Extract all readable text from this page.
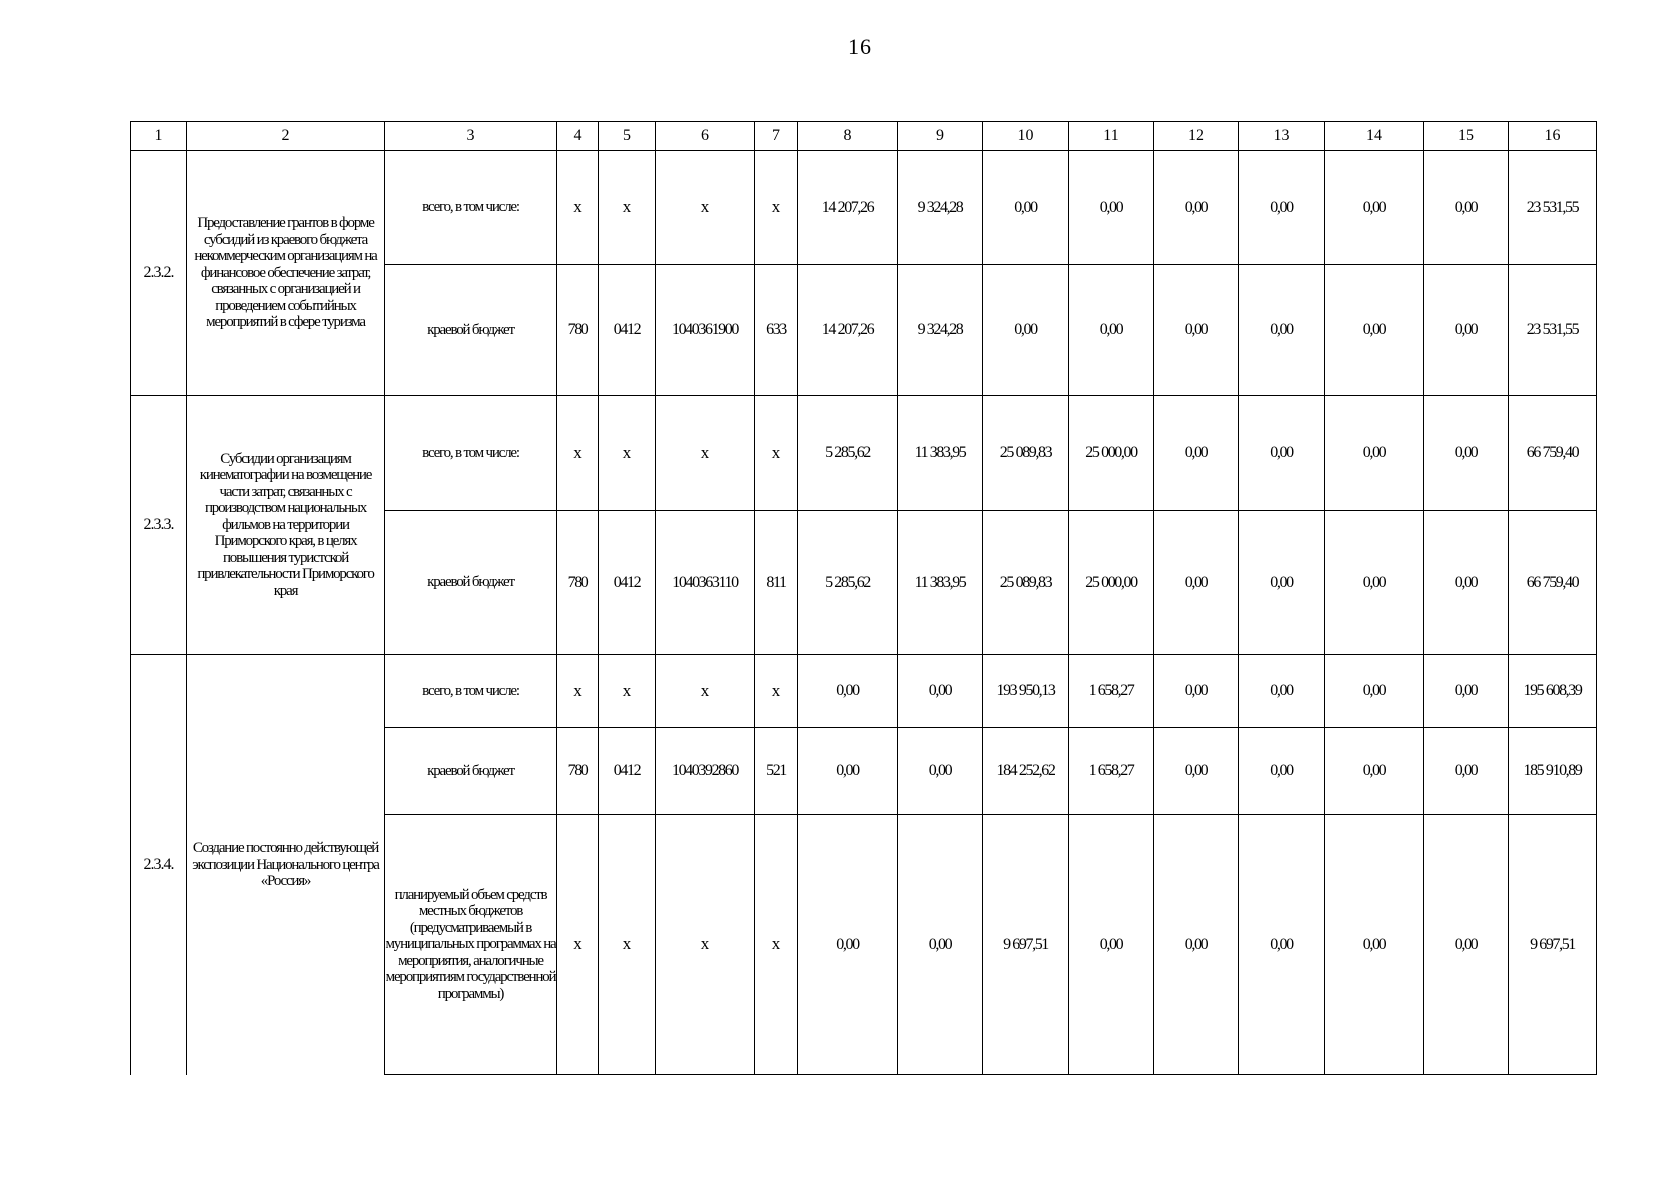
16
1	2	3	4	5	6	7	8	9	10	11	12	13	14	15	16
2.3.2.	Предоставление грантов в форме субсидий из краевого бюджета некоммерческим организациям на финансовое обеспечение затрат, связанных с организацией и проведением событийных мероприятий в сфере туризма	всего, в том числе:	х	х	х	х	14 207,26	9 324,28	0,00	0,00	0,00	0,00	0,00	0,00	23 531,55
		краевой бюджет	780	0412	1040361900	633	14 207,26	9 324,28	0,00	0,00	0,00	0,00	0,00	0,00	23 531,55
2.3.3.	Субсидии организациям кинематографии на возмещение части затрат, связанных с производством национальных фильмов на территории Приморского края, в целях повышения туристской привлекательности Приморского края	всего, в том числе:	х	х	х	х	5 285,62	11 383,95	25 089,83	25 000,00	0,00	0,00	0,00	0,00	66 759,40
		краевой бюджет	780	0412	1040363110	811	5 285,62	11 383,95	25 089,83	25 000,00	0,00	0,00	0,00	0,00	66 759,40
2.3.4.	Создание постоянно действующей экспозиции Национального центра «Россия»	всего, в том числе:	х	х	х	х	0,00	0,00	193 950,13	1 658,27	0,00	0,00	0,00	0,00	195 608,39
		краевой бюджет	780	0412	1040392860	521	0,00	0,00	184 252,62	1 658,27	0,00	0,00	0,00	0,00	185 910,89
		планируемый объем средств местных бюджетов (предусматриваемый в муниципальных программах на мероприятия, аналогичные мероприятиям государственной программы)	х	х	х	х	0,00	0,00	9 697,51	0,00	0,00	0,00	0,00	0,00	9 697,51
